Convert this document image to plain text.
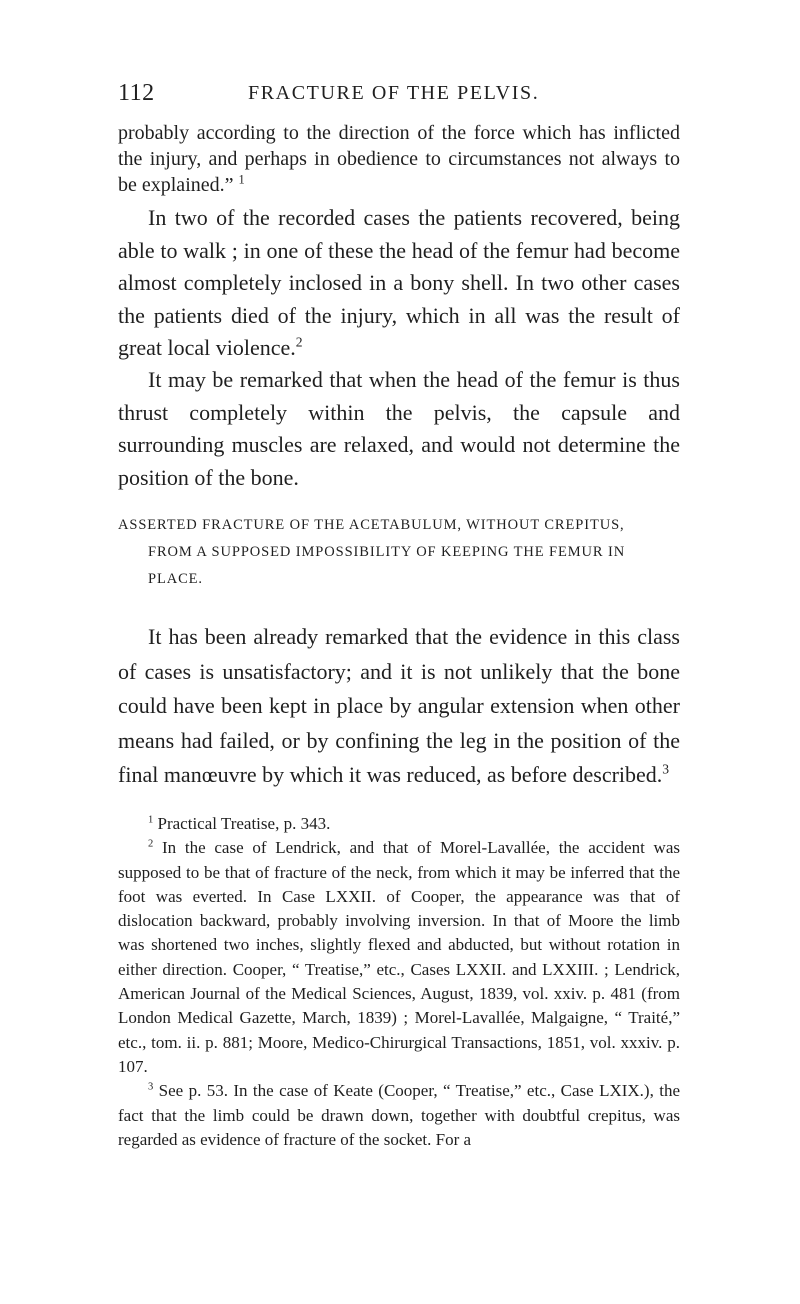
112	FRACTURE OF THE PELVIS.

probably according to the direction of the force which has inflicted the injury, and perhaps in obedience to circumstances not always to be explained.” $^1$

In two of the recorded cases the patients recovered, being able to walk ; in one of these the head of the femur had become almost completely inclosed in a bony shell. In two other cases the patients died of the injury, which in all was the result of great local violence.$^2$

It may be remarked that when the head of the femur is thus thrust completely within the pelvis, the capsule and surrounding muscles are relaxed, and would not determine the position of the bone.

ASSERTED FRACTURE OF THE ACETABULUM, WITHOUT CREPITUS,
FROM A SUPPOSED IMPOSSIBILITY OF KEEPING THE FEMUR IN
PLACE.

It has been already remarked that the evidence in this class of cases is unsatisfactory; and it is not unlikely that the bone could have been kept in place by angular extension when other means had failed, or by confining the leg in the position of the final manœuvre by which it was reduced, as before described.$^3$

$^1$ Practical Treatise, p. 343.

$^2$ In the case of Lendrick, and that of Morel-Lavallée, the accident was supposed to be that of fracture of the neck, from which it may be inferred that the foot was everted. In Case LXXII. of Cooper, the appearance was that of dislocation backward, probably involving inversion. In that of Moore the limb was shortened two inches, slightly flexed and abducted, but without rotation in either direction. Cooper, “ Treatise,” etc., Cases LXXII. and LXXIII. ; Lendrick, American Journal of the Medical Sciences, August, 1839, vol. xxiv. p. 481 (from London Medical Gazette, March, 1839) ; Morel-Lavallée, Malgaigne, “ Traité,” etc., tom. ii. p. 881; Moore, Medico-Chirurgical Transactions, 1851, vol. xxxiv. p. 107.

$^3$ See p. 53. In the case of Keate (Cooper, “ Treatise,” etc., Case LXIX.), the fact that the limb could be drawn down, together with doubtful crepitus, was regarded as evidence of fracture of the socket. For a
